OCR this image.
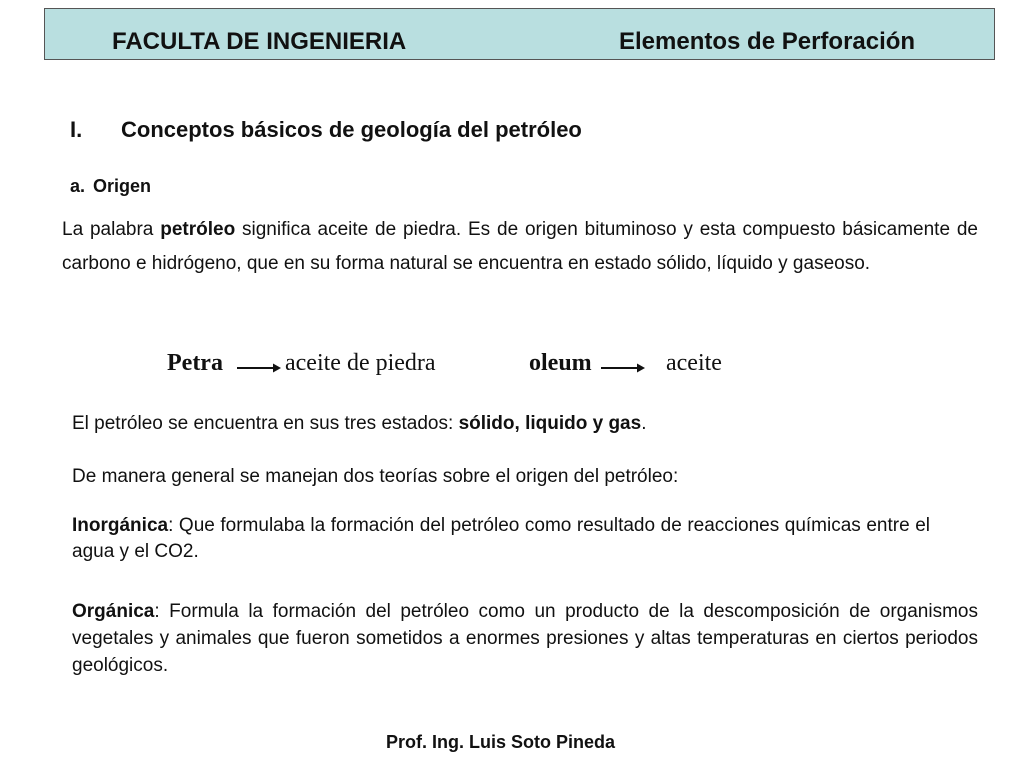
FACULTA DE INGENIERIA	Elementos de Perforación
I. Conceptos básicos de geología del petróleo
a. Origen
La palabra petróleo significa aceite de piedra. Es de origen bituminoso y esta compuesto básicamente de carbono e hidrógeno, que en su forma natural se encuentra en estado sólido, líquido y gaseoso.
Petra	aceite de piedra	oleum	aceite
El petróleo se encuentra en sus tres estados: sólido, liquido y gas.
De manera general se manejan dos teorías sobre el origen del petróleo:
Inorgánica: Que formulaba la formación del petróleo como resultado de reacciones químicas entre el agua y el CO2.
Orgánica: Formula la formación del petróleo como un producto de la descomposición de organismos vegetales y animales que fueron sometidos a enormes presiones y altas temperaturas en ciertos periodos geológicos.
Prof. Ing. Luis Soto Pineda
